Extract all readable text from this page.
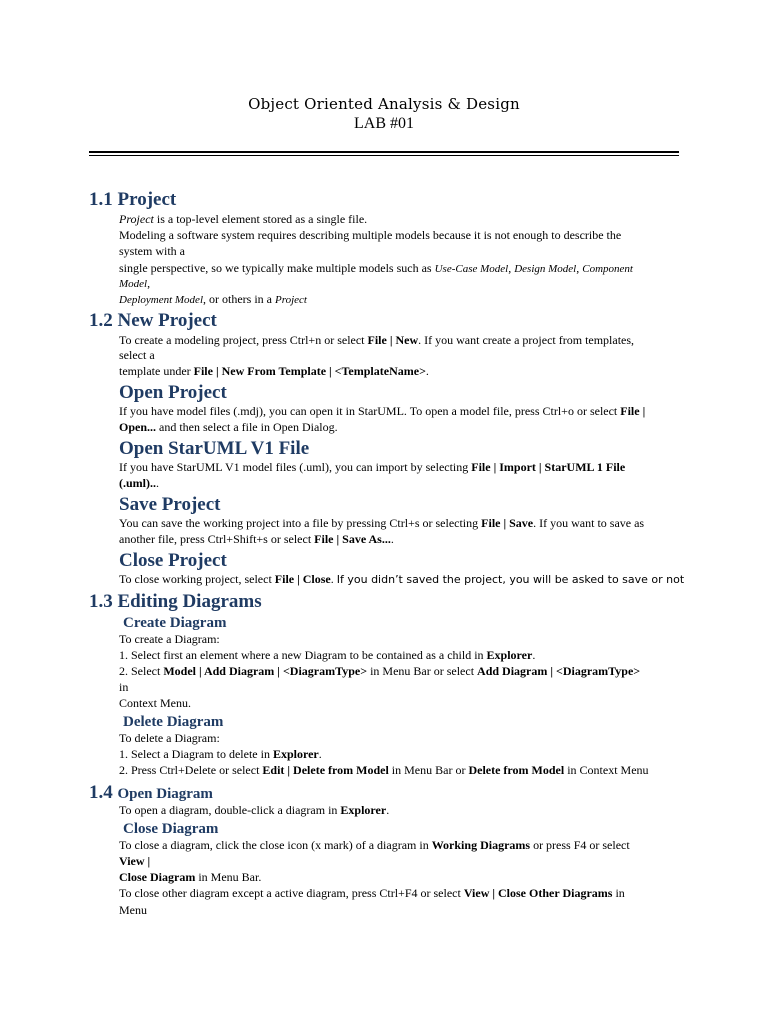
Object Oriented Analysis & Design
LAB #01
1.1 Project
Project is a top-level element stored as a single file.
Modeling a software system requires describing multiple models because it is not enough to describe the
system with a
single perspective, so we typically make multiple models such as Use-Case Model, Design Model, Component
Model,
Deployment Model, or others in a Project
1.2 New Project
To create a modeling project, press Ctrl+n or select File | New. If you want create a project from templates,
select a
template under File | New From Template | <TemplateName>.
Open Project
If you have model files (.mdj), you can open it in StarUML. To open a model file, press Ctrl+o or select File |
Open... and then select a file in Open Dialog.
Open StarUML V1 File
If you have StarUML V1 model files (.uml), you can import by selecting File | Import | StarUML 1 File
(.uml)...
Save Project
You can save the working project into a file by pressing Ctrl+s or selecting File | Save. If you want to save as
another file, press Ctrl+Shift+s or select File | Save As....
Close Project
To close working project, select File | Close. If you didn’t saved the project, you will be asked to save or not
1.3 Editing Diagrams
Create Diagram
To create a Diagram:
1. Select first an element where a new Diagram to be contained as a child in Explorer.
2. Select Model | Add Diagram | <DiagramType> in Menu Bar or select Add Diagram | <DiagramType>
in
Context Menu.
Delete Diagram
To delete a Diagram:
1. Select a Diagram to delete in Explorer.
2. Press Ctrl+Delete or select Edit | Delete from Model in Menu Bar or Delete from Model in Context Menu
1.4 Open Diagram
To open a diagram, double-click a diagram in Explorer.
Close Diagram
To close a diagram, click the close icon (x mark) of a diagram in Working Diagrams or press F4 or select
View |
Close Diagram in Menu Bar.
To close other diagram except a active diagram, press Ctrl+F4 or select View | Close Other Diagrams in
Menu
